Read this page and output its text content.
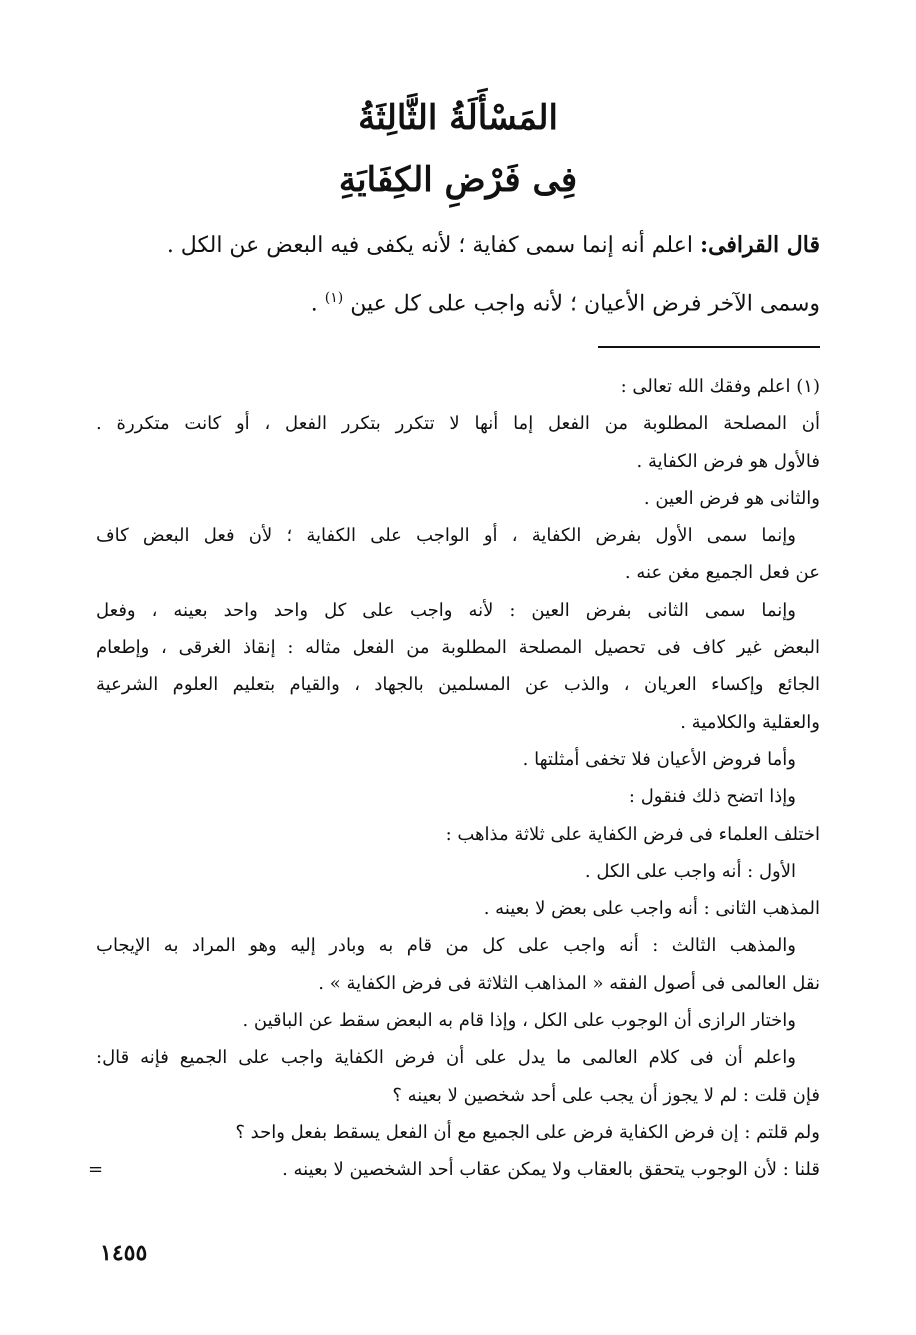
المَسْأَلَةُ الثَّالِثَةُ
فِى فَرْضِ الكِفَايَةِ
قال القرافى: اعلم أنه إنما سمى كفاية ؛ لأنه يكفى فيه البعض عن الكل .
وسمى الآخر فرض الأعيان ؛ لأنه واجب على كل عين $^{(١)}$ .
(١) اعلم وفقك الله تعالى :
أن المصلحة المطلوبة من الفعل إما أنها لا تتكرر بتكرر الفعل ، أو كانت متكررة .
فالأول هو فرض الكفاية .
والثانى هو فرض العين .
وإنما سمى الأول بفرض الكفاية ، أو الواجب على الكفاية ؛ لأن فعل البعض كاف
عن فعل الجميع مغن عنه .
وإنما سمى الثانى بفرض العين : لأنه واجب على كل واحد واحد بعينه ، وفعل
البعض غير كاف فى تحصيل المصلحة المطلوبة من الفعل مثاله : إنقاذ الغرقى ، وإطعام
الجائع وإكساء العريان ، والذب عن المسلمين بالجهاد ، والقيام بتعليم العلوم الشرعية
والعقلية والكلامية .
وأما فروض الأعيان فلا تخفى أمثلتها .
وإذا اتضح ذلك فنقول :
اختلف العلماء فى فرض الكفاية على ثلاثة مذاهب :
الأول : أنه واجب على الكل .
المذهب الثانى : أنه واجب على بعض لا بعينه .
والمذهب الثالث : أنه واجب على كل من قام به وبادر إليه وهو المراد به الإيجاب
نقل العالمى فى أصول الفقه « المذاهب الثلاثة فى فرض الكفاية » .
واختار الرازى أن الوجوب على الكل ، وإذا قام به البعض سقط عن الباقين .
واعلم أن فى كلام العالمى ما يدل على أن فرض الكفاية واجب على الجميع فإنه قال:
فإن قلت : لم لا يجوز أن يجب على أحد شخصين لا بعينه ؟
ولم قلتم : إن فرض الكفاية فرض على الجميع مع أن الفعل يسقط بفعل واحد ؟
قلنا : لأن الوجوب يتحقق بالعقاب ولا يمكن عقاب أحد الشخصين لا بعينه .
=
١٤٥٥
